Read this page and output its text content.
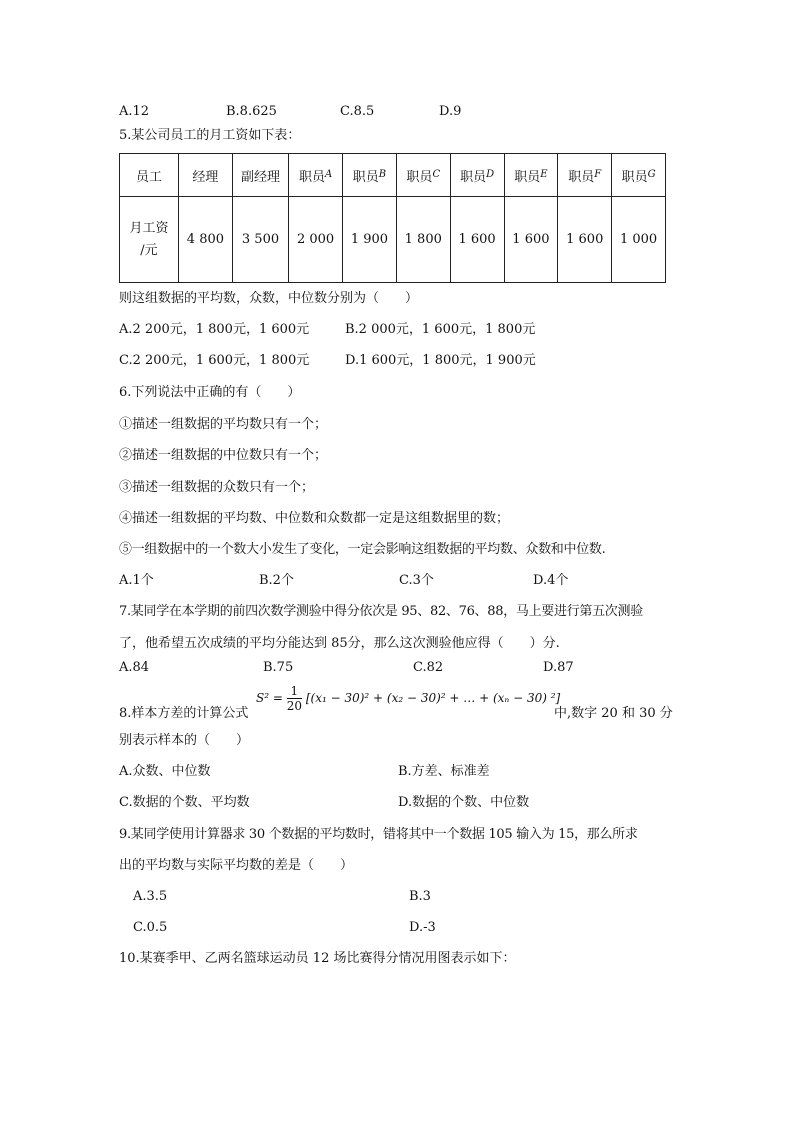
A.12	B.8.625	C.8.5	D.9
5.某公司员工的月工资如下表：
员工	经理	副经理	职员$^A$	职员$^B$	职员$^C$	职员$^D$	职员$^E$	职员$^F$	职员$^G$
月工资
/元	4 800	3 500	2 000	1 900	1 800	1 600	1 600	1 600	1 000
则这组数据的平均数，众数，中位数分别为（　　）
A.2 200元，1 800元，1 600元	B.2 000元，1 600元，1 800元
C.2 200元，1 600元，1 800元	D.1 600元，1 800元，1 900元
6.下列说法中正确的有（　　）
①描述一组数据的平均数只有一个；
②描述一组数据的中位数只有一个；
③描述一组数据的众数只有一个；
④描述一组数据的平均数、中位数和众数都一定是这组数据里的数；
⑤一组数据中的一个数大小发生了变化，一定会影响这组数据的平均数、众数和中位数.
A.1个	B.2个	C.3个	D.4个
7.某同学在本学期的前四次数学测验中得分依次是 95、82、76、88，马上要进行第五次测验
了，他希望五次成绩的平均分能达到 85分，那么这次测验他应得（　　）分.
A.84	B.75	C.82	D.87
8.样本方差的计算公式
$S^2 = \frac{1}{20} [(x_1 - 30)^2 + (x_2 - 30)^2$ + … + (xₙ − 30) ²]
中,数字 20 和 30 分
别表示样本的（　　）
A.众数、中位数	B.方差、标准差
C.数据的个数、平均数	D.数据的个数、中位数
9.某同学使用计算器求 30 个数据的平均数时，错将其中一个数据 105 输入为 15，那么所求
出的平均数与实际平均数的差是（　　）
A.3.5	B.3
C.0.5	D.-3
10.某赛季甲、乙两名篮球运动员 12 场比赛得分情况用图表示如下：
